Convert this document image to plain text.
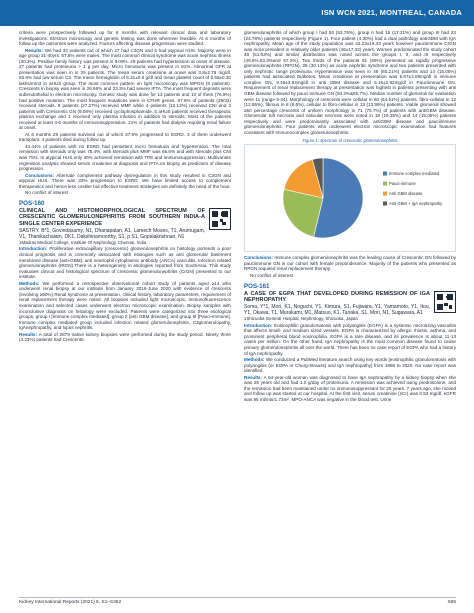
ISN WCN 2021, MONTREAL, CANADA

criteria were prospectively followed up for 6 months with relevant clinical data and laboratory investigations. Electron microscopy and genetic testing was done wherever feasible. At 6 months of follow up the outcomes were analyzed. Factors affecting disease progression were studied.

Results: We had 33 patients out of which 27 had C3GN and 6 had atypical HUS. Majority were in age group 31-40yrs. 57.6% were males. The most common clinical syndrome was acute nephritic illness (30.3%). Positive family history was present in 9.09%. 29 patients had hypertension at onset of disease. 27 patients had proteinuria > 1 g per day. Micro hematuria was present in 91%. Abnormal GFR at presentation was seen in in 25 patients. The mean serum creatinine at onset was 3.8±2.76 mg/dl. 93.9% had low serum C3. The mean hemoglobin of 6.31±0.6 g/dl and mean platelet count of 0.56±0.30 lakhs/mm3 in aHUS group. The most common pattern on light microscopy was MPGN (8 patients). Crescents in biopsy was seen in 26.66% and 23.3% had severe IFTA. The most frequent deposits were subendothelial in electron microscopy. Genetic study was done for 13 patients and 10 of them (76.9%) had positive mutation. The most frequent mutations were in CFHR genes. 87.8% of patients (29/33) received steroids. 9 patients (27.27%) received MMF while 4 patients (12.12%) received CNI and 3 patients with Crescentic GN (9.09%) received cyclophosphamide. 5 aHUS patients received therapeutic plasma exchange and 1 received only plasma infusion in addition to steroids. Most of the patients received at least 4-6 months of immunosuppression. 21% of patients had dialysis requiring renal failure at onset.

At 6 months 29 patients survived out of which 37.9% progressed to ESRD. 3 of them underwent transplant. 4 patients died during follow up.

44.44% of patients with no ESRD had persistent micro hematuria and hypertension. The total remission with steroids only was 75.4%, with steroids plus MMF was 66.6% and with steroids plus CNI was 75%. In atypical HUS only 40% achieved remission with TPE and immunosuppression. Multivariate regression analysis showed serum creatinine at diagnosis and IFTA on biopsy as predictors of disease progression.

Conclusions: Alternate complement pathway dysregulation in this study resulted in C3GN and atypical HUS. There was 33% progression to ESRD. We have limited access to complement therapeutics and hence less costlier but effective treatment strategies are definitely the need of the hour.

No conflict of interest

POS-160
CLINICAL AND HISTOMORPHOLOGICAL SPECTRUM OF CRESCENTIC GLOMERULONEPHRITIS FROM SOUTHERN INDIA-A SINGLE CENTER EXPERIENCE
SASTRY, B*1, Govindasamy, N1, Dhanapalan, A1, Lamech Moses, T1, Arumugam, V1, Thanikachalam, DK1, Dakshinamoorthy, S1, p S1, Gopalakrishnan, N1
1Madras Medical College, Institute Of Nephrology, Chennai, India

Introduction: Proliferative extracapillary (crescentic) glomerulonephritis on histology portends a poor clinical prognosis and is commonly associated with etiologies such as anti glomerular basement membrane disease (anti-GBM), anti neutrophil cytoplasmic antibody (ANCA) vasculitis, Infection related glomerulonephritis (IRGN).There is a heterogeneity in etiologies reported from SouthAsia. This study evaluates clinical and histological spectrum of crescentic glomerulonephritis (CrGN) presented to our institute.

Methods: We performed a retrospective observational cohort study of patients aged ≥14 who underwent renal biopsy at our institute from January 2016-June 2020 with evidence of crescents (involving ≥50%).Renal syndrome at presentation, clinical history, laboratory parameters, requirement of renal replacement therapy were noted. All biopsies included light microscopic, immunofluorescence examination and selected cases underwent electron microscopic examination. Biopsy samples with inconclusive diagnosis on histology were excluded. Patients were categorized into three etiological groups, group I [Immune complex mediated], group II [anti GBM disease], and group III [Pauci-immune]. Immune complex mediated group included infection related glomerulonephritis, C3glomerulopathy, IgAnephropathy, and lupus nephritis.

Results: A total of 2879 native kidney biopsies were performed during the study period. Ninety three (3.23%) patients had Crescentic

glomerulonephritis of which group I had 50 (53.76%), group II had 16 (17.21%) and group III had 23 (24.78%) patients respectively (Figure 1). Four patient (4.30%) had a dual pathology antiGBM with IgA nephropathy. Mean age of the study population was 42.23±16.43 years however pauciimmune CrGN was more prevalent in relatively older patients (46±17.32) years. Women predominated the study cohort 48 (51.63%) and similar distribution was noted across the groups I, II, and III respectively (49.6%,53.3%and 57.2%). Two thirds of the patients 61 (66%) presented as rapidly progressive glomerulonephritis (RPGN), 28 (30.13%) as acute nephritic syndrome and two patients presented with only nephrotic range proteinuria. Hypertension was seen in 46 (60.21%) patients and 14 (15.05%) patients had associated Diabetes. Mean creatinine at presentation was 5.87±3.09mg/dl in immune complex GN, 8.45±3.94mg/dl in anti GBM disease and 6.16±2.82mg/dl in Pauciimmune GN. Requirement of renal replacement therapy at presentation was highest in patients presenting with anti GBM disease followed by pauci-immune GN (93.3%&85.7%). Median number of glomeruli for evaluation were 11 (range 5-34). Morphology of crescents were cellular in 60 (64.51%) patients, fibro-cellular in 12 (12.95%), fibrous in 8 (8.6%), cellular to fibro-cellular in 13 (13.96%) patients. Viable glomeruli showed ≥50 percentage crescents of uniform morphology in 71 (75.7%) of patients with antiGBM disease. Glomerular tuft necrosis and vascular necrosis were noted in 18 (19.35%) and 14 (15.05%) patients respectively and were predominantly associated with antiGBM disease and pauciimmune glomerulonephritis. Four patients who underwent electron microscopic examination had features consistent with Immunocomplex glomerulonephritis.

Figure 1. spectrum of crescentic glomerulonephritis
Immune complex mediated
Pauci-immune
Anti GBM disease
Anti GBM + IgA nephropathy

Conclusions: Immune complex glomerulonephritis was the leading cause of Crescentic GN followed by pauciimmune GN in our cohort with female preponderance. Majority of the patients who presented as RPGN required renal replacement therapy.

No conflict of interest

POS-161
A CASE OF EGPA THAT DEVELOPED DURING REMISSION OF IGA NEPHROPATHY
Soma, Y*1, Mori, K1, Noguchi, Y1, Kimura, S1, Fujiwara, Y1, Yamamoto, Y1, Itou, Y1, Okawa, T1, Murakami, M1, Matsuo, K1, Tanaka, S1, Mori, N1, Sugawara, A1
1Shizuoka General Hospital, Nephrology, Shizuoka, Japan

Introduction: Eosinophilic granulomatosis with polyangiitis (EGPA) is a systemic necrotizing vasculitis that affects small- and medium sized vessels. EGPA is characterized by allergic rhinitis, asthma, and prominent peripheral blood eosinophilia. EGPA is a rare disease, and its prevalence is about 11-13 cases per million. On the other hand, IgA nephropathy is the most common disease found to cause primary glomerulonephritis all over the world. There has been no case report of EGPA who had a history of IgA nephropathy.

Methods: We conducted a PubMed literature search using key words [eosinophilic granulomatosis with polyangiitis (or EGPA or Churg-Strauss) and IgA nephropathy] from 1986 to 2020. No case report was identified.

Results: A 54-year-old woman was diagnosed to have IgA nephropathy by a kidney biopsy when she was 25 years old and had 1.0 g/day of proteinuria. A remission was achieved using prednisolone, and the remission had been maintained under no immunosuppressant for 25 years. 7 years ago, she moved and follow up was started at our hospital. At the first visit, serum creatinine (sCr) was 0.53 mg/dl, eGFR was 95 ml/min/1.73m², MPO-ANCA was negative in the blood test. Urine

Kidney International Reports (2021) 6, S1–S362	S65
